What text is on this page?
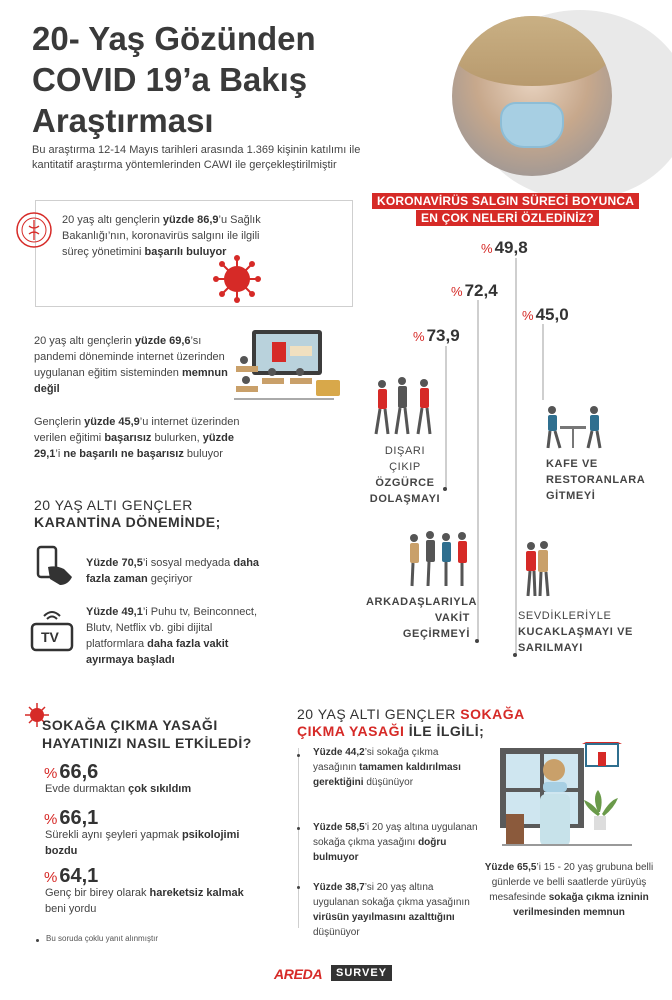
20- Yaş Gözünden
COVID 19’a Bakış
Araştırması
Bu araştırma 12-14 Mayıs tarihleri arasında 1.369 kişinin katılımı ile kantitatif araştırma yöntemlerinden CAWI ile gerçekleştirilmiştir
20 yaş altı gençlerin yüzde 86,9’u Sağlık Bakanlığı’nın, koronavirüs salgını ile ilgili süreç yönetimini başarılı buluyor
20 yaş altı gençlerin yüzde 69,6’sı pandemi döneminde internet üzerinden uygulanan eğitim sisteminden memnun değil
Gençlerin yüzde 45,9’u internet üzerinden verilen eğitimi başarısız bulurken, yüzde 29,1’i ne başarılı ne başarısız buluyor
20 YAŞ ALTI GENÇLER
KARANTİNA DÖNEMİNDE;
Yüzde 70,5’i sosyal medyada daha fazla zaman geçiriyor
TV
Yüzde 49,1’i Puhu tv, Beinconnect, Blutv, Netflix vb. gibi dijital platformlara daha fazla vakit ayırmaya başladı
KORONAVİRÜS SALGIN SÜRECİ BOYUNCA
EN ÇOK NELERİ ÖZLEDİNİZ?
% 49,8
% 72,4
% 45,0
% 73,9
DIŞARI ÇIKIP
ÖZGÜRCE
DOLAŞMAYI
KAFE VE
RESTORANLARA
GİTMEYİ
ARKADAŞLARIYLA
VAKİT
GEÇİRMEYİ
SEVDİKLERİYLE
KUCAKLAŞMAYI VE
SARILMAYI
SOKAĞA ÇIKMA YASAĞI
HAYATINIZI NASIL ETKİLEDİ?
% 66,6
Evde durmaktan çok sıkıldım
% 66,1
Sürekli aynı şeyleri yapmak psikolojimi bozdu
% 64,1
Genç bir birey olarak hareketsiz kalmak beni yordu
Bu soruda çoklu yanıt alınmıştır
20 YAŞ ALTI GENÇLER SOKAĞA
ÇIKMA YASAĞI İLE İLGİLİ;
Yüzde 44,2’si sokağa çıkma yasağının tamamen kaldırılması gerektiğini düşünüyor
Yüzde 58,5’i 20 yaş altına uygulanan sokağa çıkma yasağını doğru bulmuyor
Yüzde 38,7’si 20 yaş altına uygulanan sokağa çıkma yasağının virüsün yayılmasını azalttığını düşünüyor
Yüzde 65,5’i 15 - 20 yaş grubuna belli günlerde ve belli saatlerde yürüyüş mesafesinde sokağa çıkma izninin verilmesinden memnun
AREDA	SURVEY
